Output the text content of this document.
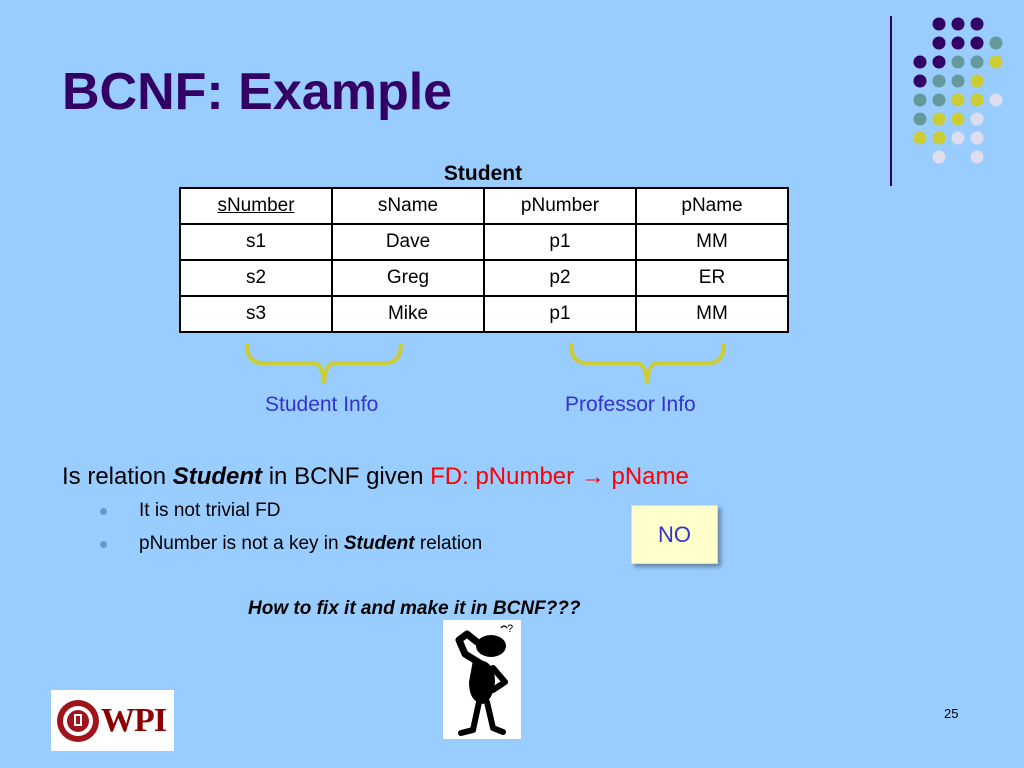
BCNF: Example
Student
sNumber	sName	pNumber	pName
s1	Dave	p1	MM
s2	Greg	p2	ER
s3	Mike	p1	MM
Student Info	Professor Info
Is relation Student in BCNF given FD: pNumber → pName
It is not trivial FD
pNumber is not a key in Student relation	NO
How to fix it and make it in BCNF???
?
WPI	25
